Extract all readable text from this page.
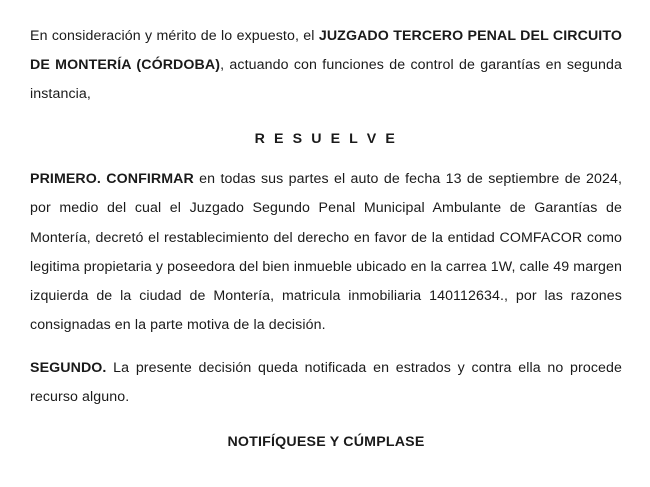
En consideración y mérito de lo expuesto, el JUZGADO TERCERO PENAL DEL CIRCUITO DE MONTERÍA (CÓRDOBA), actuando con funciones de control de garantías en segunda instancia,

R E S U E L V E

PRIMERO. CONFIRMAR en todas sus partes el auto de fecha 13 de septiembre de 2024, por medio del cual el Juzgado Segundo Penal Municipal Ambulante de Garantías de Montería, decretó el restablecimiento del derecho en favor de la entidad COMFACOR como legitima propietaria y poseedora del bien inmueble ubicado en la carrea 1W, calle 49 margen izquierda de la ciudad de Montería, matricula inmobiliaria 140112634., por las razones consignadas en la parte motiva de la decisión.

SEGUNDO. La presente decisión queda notificada en estrados y contra ella no procede recurso alguno.

NOTIFÍQUESE Y CÚMPLASE
